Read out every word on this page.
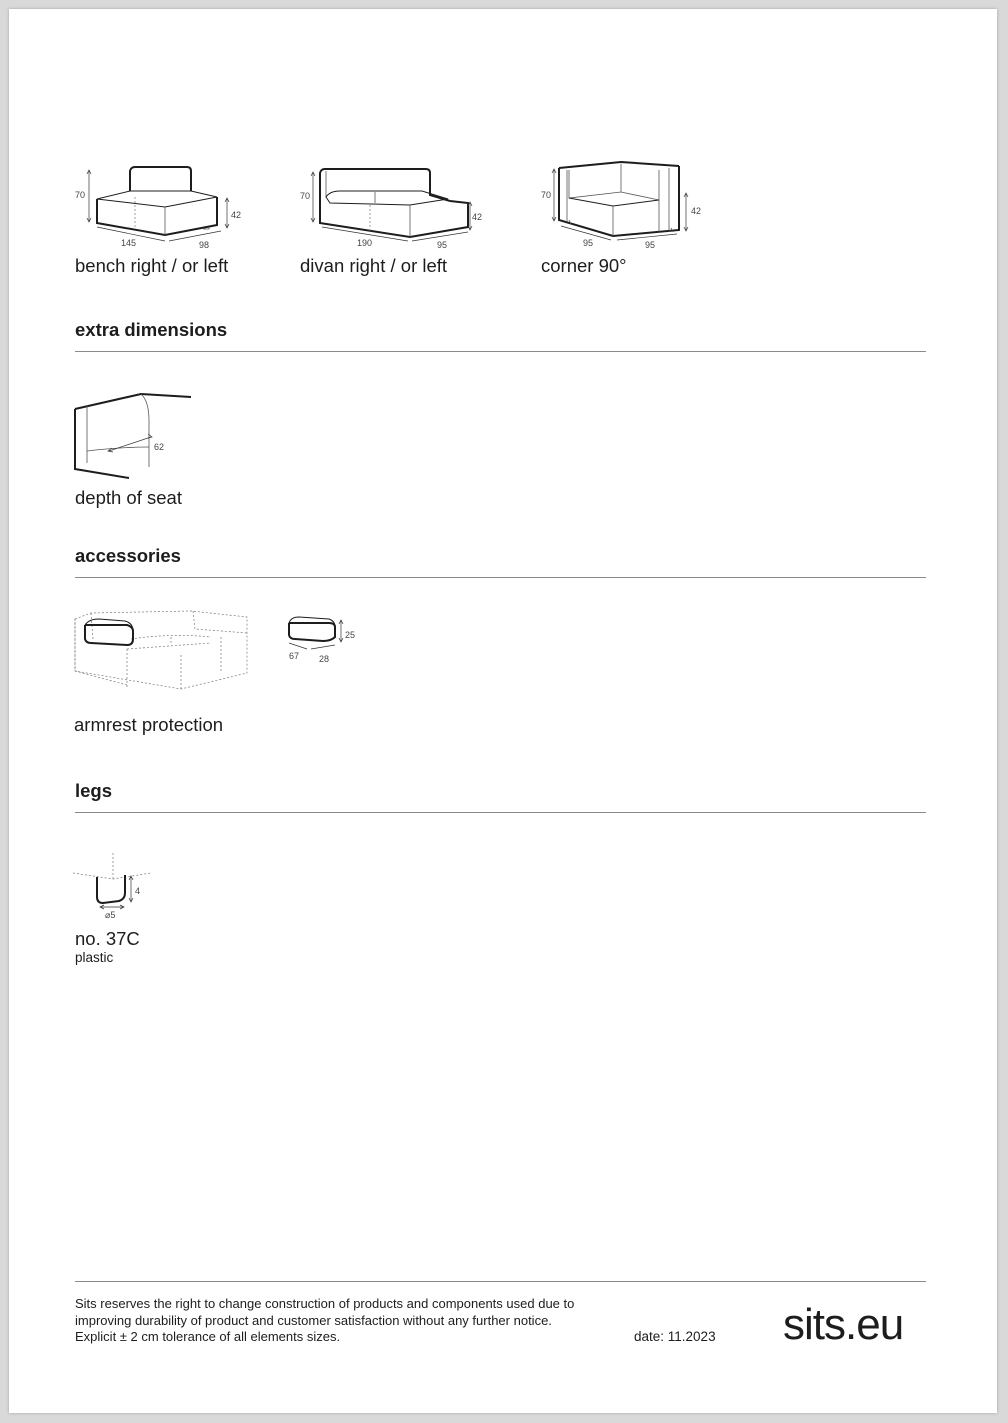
70
42
145	98
bench right / or left
70
42
190	95
divan right / or left
70
42
95	95
corner 90°
extra dimensions
62
depth of seat
accessories
25
67 28
armrest protection
legs
4
⌀5
no. 37C
plastic
Sits reserves the right to change construction of products and components used due to improving durability of product and customer satisfaction without any further notice. Explicit ± 2 cm tolerance of all elements sizes.	date: 11.2023 sits.eu
